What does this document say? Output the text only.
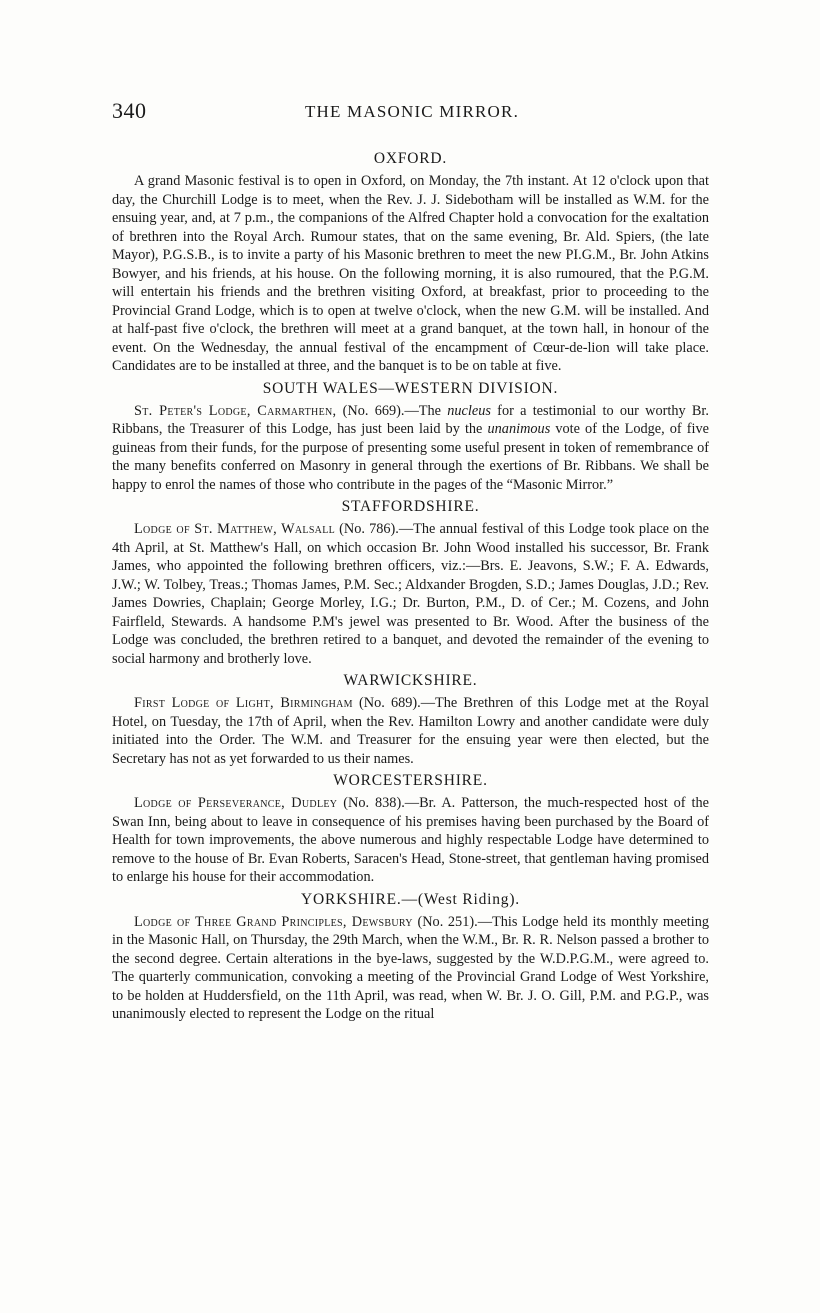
340	THE MASONIC MIRROR.
OXFORD.

A grand Masonic festival is to open in Oxford, on Monday, the 7th instant. At 12 o'clock upon that day, the Churchill Lodge is to meet, when the Rev. J. J. Sidebotham will be installed as W.M. for the ensuing year, and, at 7 p.m., the companions of the Alfred Chapter hold a convocation for the exaltation of brethren into the Royal Arch. Rumour states, that on the same evening, Br. Ald. Spiers, (the late Mayor), P.G.S.B., is to invite a party of his Masonic brethren to meet the new PI.G.M., Br. John Atkins Bowyer, and his friends, at his house. On the following morning, it is also rumoured, that the P.G.M. will entertain his friends and the brethren visiting Oxford, at breakfast, prior to proceeding to the Provincial Grand Lodge, which is to open at twelve o'clock, when the new G.M. will be installed. And at half-past five o'clock, the brethren will meet at a grand banquet, at the town hall, in honour of the event. On the Wednesday, the annual festival of the encampment of Cœur-de-lion will take place. Candidates are to be installed at three, and the banquet is to be on table at five.

SOUTH WALES—WESTERN DIVISION.

St. Peter's Lodge, Carmarthen, (No. 669).—The nucleus for a testimonial to our worthy Br. Ribbans, the Treasurer of this Lodge, has just been laid by the unanimous vote of the Lodge, of five guineas from their funds, for the purpose of presenting some useful present in token of remembrance of the many benefits conferred on Masonry in general through the exertions of Br. Ribbans. We shall be happy to enrol the names of those who contribute in the pages of the “Masonic Mirror.”

STAFFORDSHIRE.

Lodge of St. Matthew, Walsall (No. 786).—The annual festival of this Lodge took place on the 4th April, at St. Matthew's Hall, on which occasion Br. John Wood installed his successor, Br. Frank James, who appointed the following brethren officers, viz.:—Brs. E. Jeavons, S.W.; F. A. Edwards, J.W.; W. Tolbey, Treas.; Thomas James, P.M. Sec.; Aldxander Brogden, S.D.; James Douglas, J.D.; Rev. James Dowries, Chaplain; George Morley, I.G.; Dr. Burton, P.M., D. of Cer.; M. Cozens, and John Fairfleld, Stewards. A handsome P.M's jewel was presented to Br. Wood. After the business of the Lodge was concluded, the brethren retired to a banquet, and devoted the remainder of the evening to social harmony and brotherly love.

WARWICKSHIRE.

First Lodge of Light, Birmingham (No. 689).—The Brethren of this Lodge met at the Royal Hotel, on Tuesday, the 17th of April, when the Rev. Hamilton Lowry and another candidate were duly initiated into the Order. The W.M. and Treasurer for the ensuing year were then elected, but the Secretary has not as yet forwarded to us their names.

WORCESTERSHIRE.

Lodge of Perseverance, Dudley (No. 838).—Br. A. Patterson, the much-respected host of the Swan Inn, being about to leave in consequence of his premises having been purchased by the Board of Health for town improvements, the above numerous and highly respectable Lodge have determined to remove to the house of Br. Evan Roberts, Saracen's Head, Stone-street, that gentleman having promised to enlarge his house for their accommodation.

YORKSHIRE.—(West Riding).

Lodge of Three Grand Principles, Dewsbury (No. 251).—This Lodge held its monthly meeting in the Masonic Hall, on Thursday, the 29th March, when the W.M., Br. R. R. Nelson passed a brother to the second degree. Certain alterations in the bye-laws, suggested by the W.D.P.G.M., were agreed to. The quarterly communication, convoking a meeting of the Provincial Grand Lodge of West Yorkshire, to be holden at Huddersfield, on the 11th April, was read, when W. Br. J. O. Gill, P.M. and P.G.P., was unanimously elected to represent the Lodge on the ritual
